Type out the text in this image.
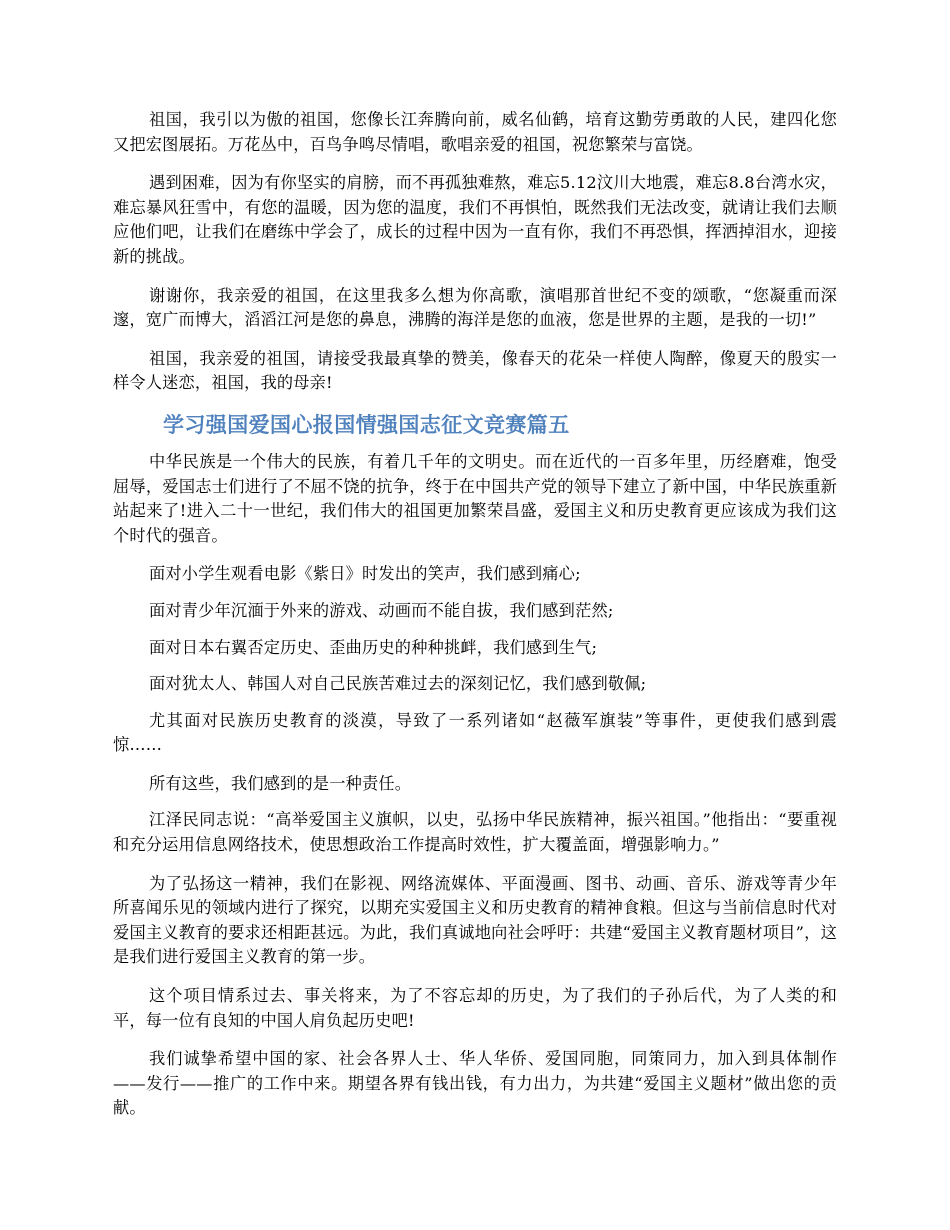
祖国，我引以为傲的祖国，您像长江奔腾向前，威名仙鹤，培育这勤劳勇敢的人民，建四化您又把宏图展拓。万花丛中，百鸟争鸣尽情唱，歌唱亲爱的祖国，祝您繁荣与富饶。

遇到困难，因为有你坚实的肩膀，而不再孤独难熬，难忘5.12汶川大地震，难忘8.8台湾水灾，难忘暴风狂雪中，有您的温暖，因为您的温度，我们不再惧怕，既然我们无法改变，就请让我们去顺应他们吧，让我们在磨练中学会了，成长的过程中因为一直有你，我们不再恐惧，挥洒掉泪水，迎接新的挑战。

谢谢你，我亲爱的祖国，在这里我多么想为你高歌，演唱那首世纪不变的颂歌，“您凝重而深邃，宽广而博大，滔滔江河是您的鼻息，沸腾的海洋是您的血液，您是世界的主题，是我的一切!”

祖国，我亲爱的祖国，请接受我最真挚的赞美，像春天的花朵一样使人陶醉，像夏天的殷实一样令人迷恋，祖国，我的母亲!

学习强国爱国心报国情强国志征文竞赛篇五

中华民族是一个伟大的民族，有着几千年的文明史。而在近代的一百多年里，历经磨难，饱受屈辱，爱国志士们进行了不屈不饶的抗争，终于在中国共产党的领导下建立了新中国，中华民族重新站起来了!进入二十一世纪，我们伟大的祖国更加繁荣昌盛，爱国主义和历史教育更应该成为我们这个时代的强音。

面对小学生观看电影《紫日》时发出的笑声，我们感到痛心;

面对青少年沉湎于外来的游戏、动画而不能自拔，我们感到茫然;

面对日本右翼否定历史、歪曲历史的种种挑衅，我们感到生气;

面对犹太人、韩国人对自己民族苦难过去的深刻记忆，我们感到敬佩;

尤其面对民族历史教育的淡漠，导致了一系列诸如“赵薇军旗装”等事件，更使我们感到震惊……

所有这些，我们感到的是一种责任。

江泽民同志说：“高举爱国主义旗帜，以史，弘扬中华民族精神，振兴祖国。”他指出：“要重视和充分运用信息网络技术，使思想政治工作提高时效性，扩大覆盖面，增强影响力。”

为了弘扬这一精神，我们在影视、网络流媒体、平面漫画、图书、动画、音乐、游戏等青少年所喜闻乐见的领域内进行了探究，以期充实爱国主义和历史教育的精神食粮。但这与当前信息时代对爱国主义教育的要求还相距甚远。为此，我们真诚地向社会呼吁：共建“爱国主义教育题材项目”，这是我们进行爱国主义教育的第一步。

这个项目情系过去、事关将来，为了不容忘却的历史，为了我们的子孙后代，为了人类的和平，每一位有良知的中国人肩负起历史吧!

我们诚挚希望中国的家、社会各界人士、华人华侨、爱国同胞，同策同力，加入到具体制作——发行——推广的工作中来。期望各界有钱出钱，有力出力，为共建“爱国主义题材”做出您的贡献。
